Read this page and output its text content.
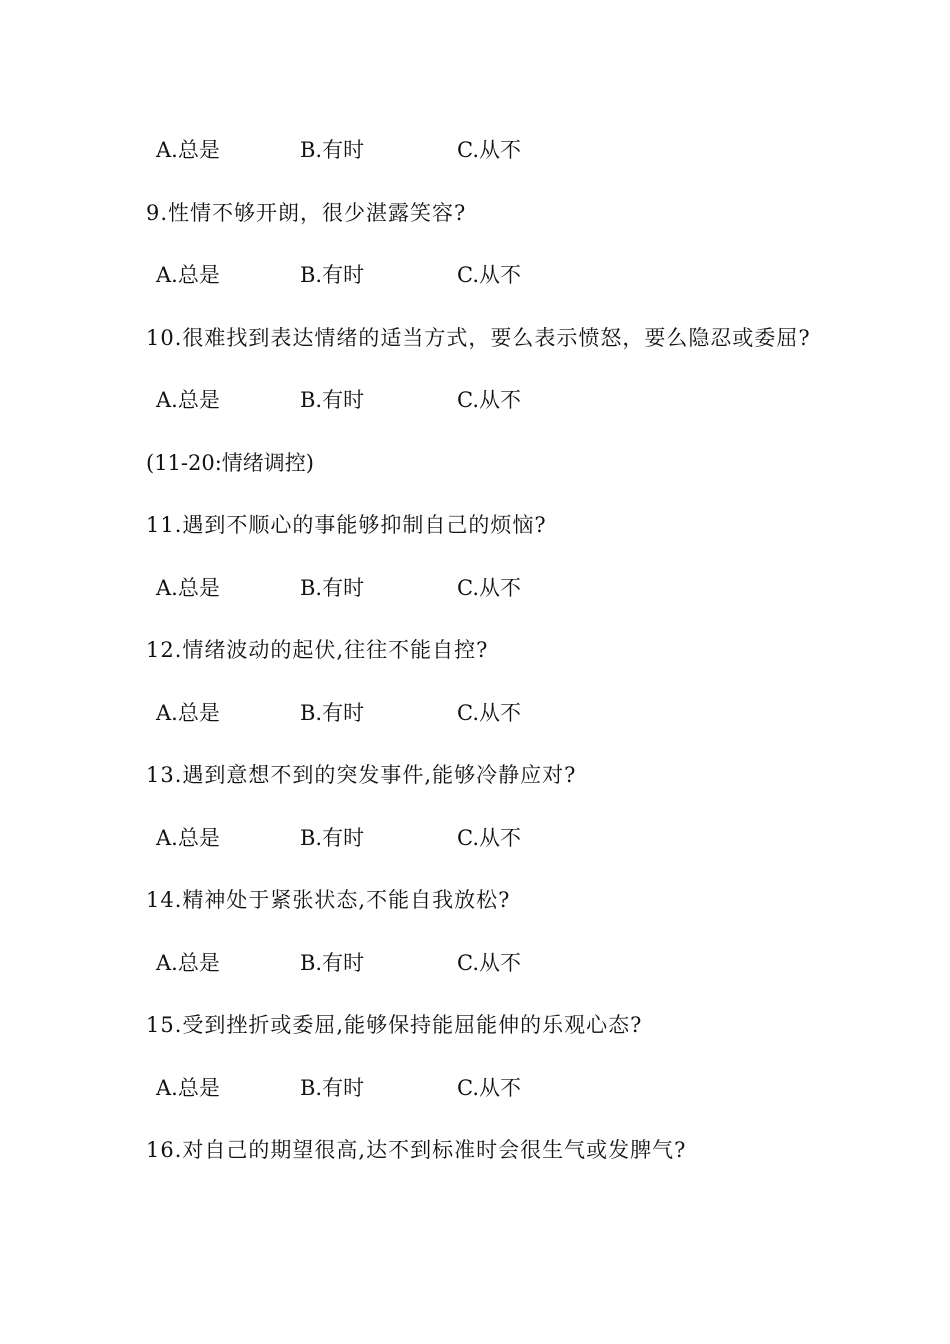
A.总是	B.有时	C.从不
9.性情不够开朗，很少湛露笑容?
A.总是	B.有时	C.从不
10.很难找到表达情绪的适当方式，要么表示愤怒，要么隐忍或委屈?
A.总是	B.有时	C.从不
(11-20:情绪调控)
11.遇到不顺心的事能够抑制自己的烦恼?
A.总是	B.有时	C.从不
12.情绪波动的起伏,往往不能自控?
A.总是	B.有时	C.从不
13.遇到意想不到的突发事件,能够冷静应对?
A.总是	B.有时	C.从不
14.精神处于紧张状态,不能自我放松?
A.总是	B.有时	C.从不
15.受到挫折或委屈,能够保持能屈能伸的乐观心态?
A.总是	B.有时	C.从不
16.对自己的期望很高,达不到标准时会很生气或发脾气?
